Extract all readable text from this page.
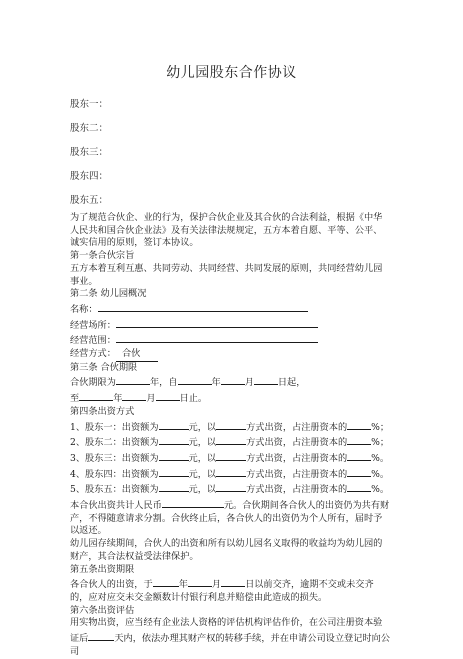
幼儿园股东合作协议
股东一：
股东二：
股东三：
股东四：
股东五：

为了规范合伙企、业的行为，保护合伙企业及其合伙的合法利益，根据《中华人民共和国合伙企业法》及有关法律法规规定，五方本着自愿、平等、公平、诚实信用的原则，签订本协议。

第一条合伙宗旨

五方本着互利互惠、共同劳动、共同经营、共同发展的原则，共同经营幼儿园事业。

第二条 幼儿园概况

名称：

经营场所：

经营范围：

经营方式： 合伙

第三条 合伙期限

合伙期限为	年，自	年	月	日起，

至	年	月	日止。

第四条出资方式

1、股东一：出资额为	元，以	方式出资，占注册资本的	%；

2、股东二：出资额为	元，以	方式出资，占注册资本的	%；

3、股东三：出资额为	元，以	方式出资，占注册资本的	%。

4、股东四：出资额为	元，以	方式出资，占注册资本的	%。

5、股东五：出资额为	元，以	方式出资，占注册资本的	%。

本合伙出资共计人民币	元。合伙期间各合伙人的出资仍为共有财产，不得随意请求分割。合伙终止后，各合伙人的出资仍为个人所有，届时予以返还。

幼儿园存续期间，合伙人的出资和所有以幼儿园名义取得的收益均为幼儿园的财产，其合法权益受法律保护。

第五条出资期限

各合伙人的出资，于	年	月	日以前交齐，逾期不交或未交齐的，应对应交未交金额数计付银行利息并赔偿由此造成的损失。

第六条出资评估

用实物出资，应当经有企业法人资格的评估机构评估作价，在公司注册资本验证后	天内，依法办理其财产权的转移手续，并在申请公司设立登记时向公司
